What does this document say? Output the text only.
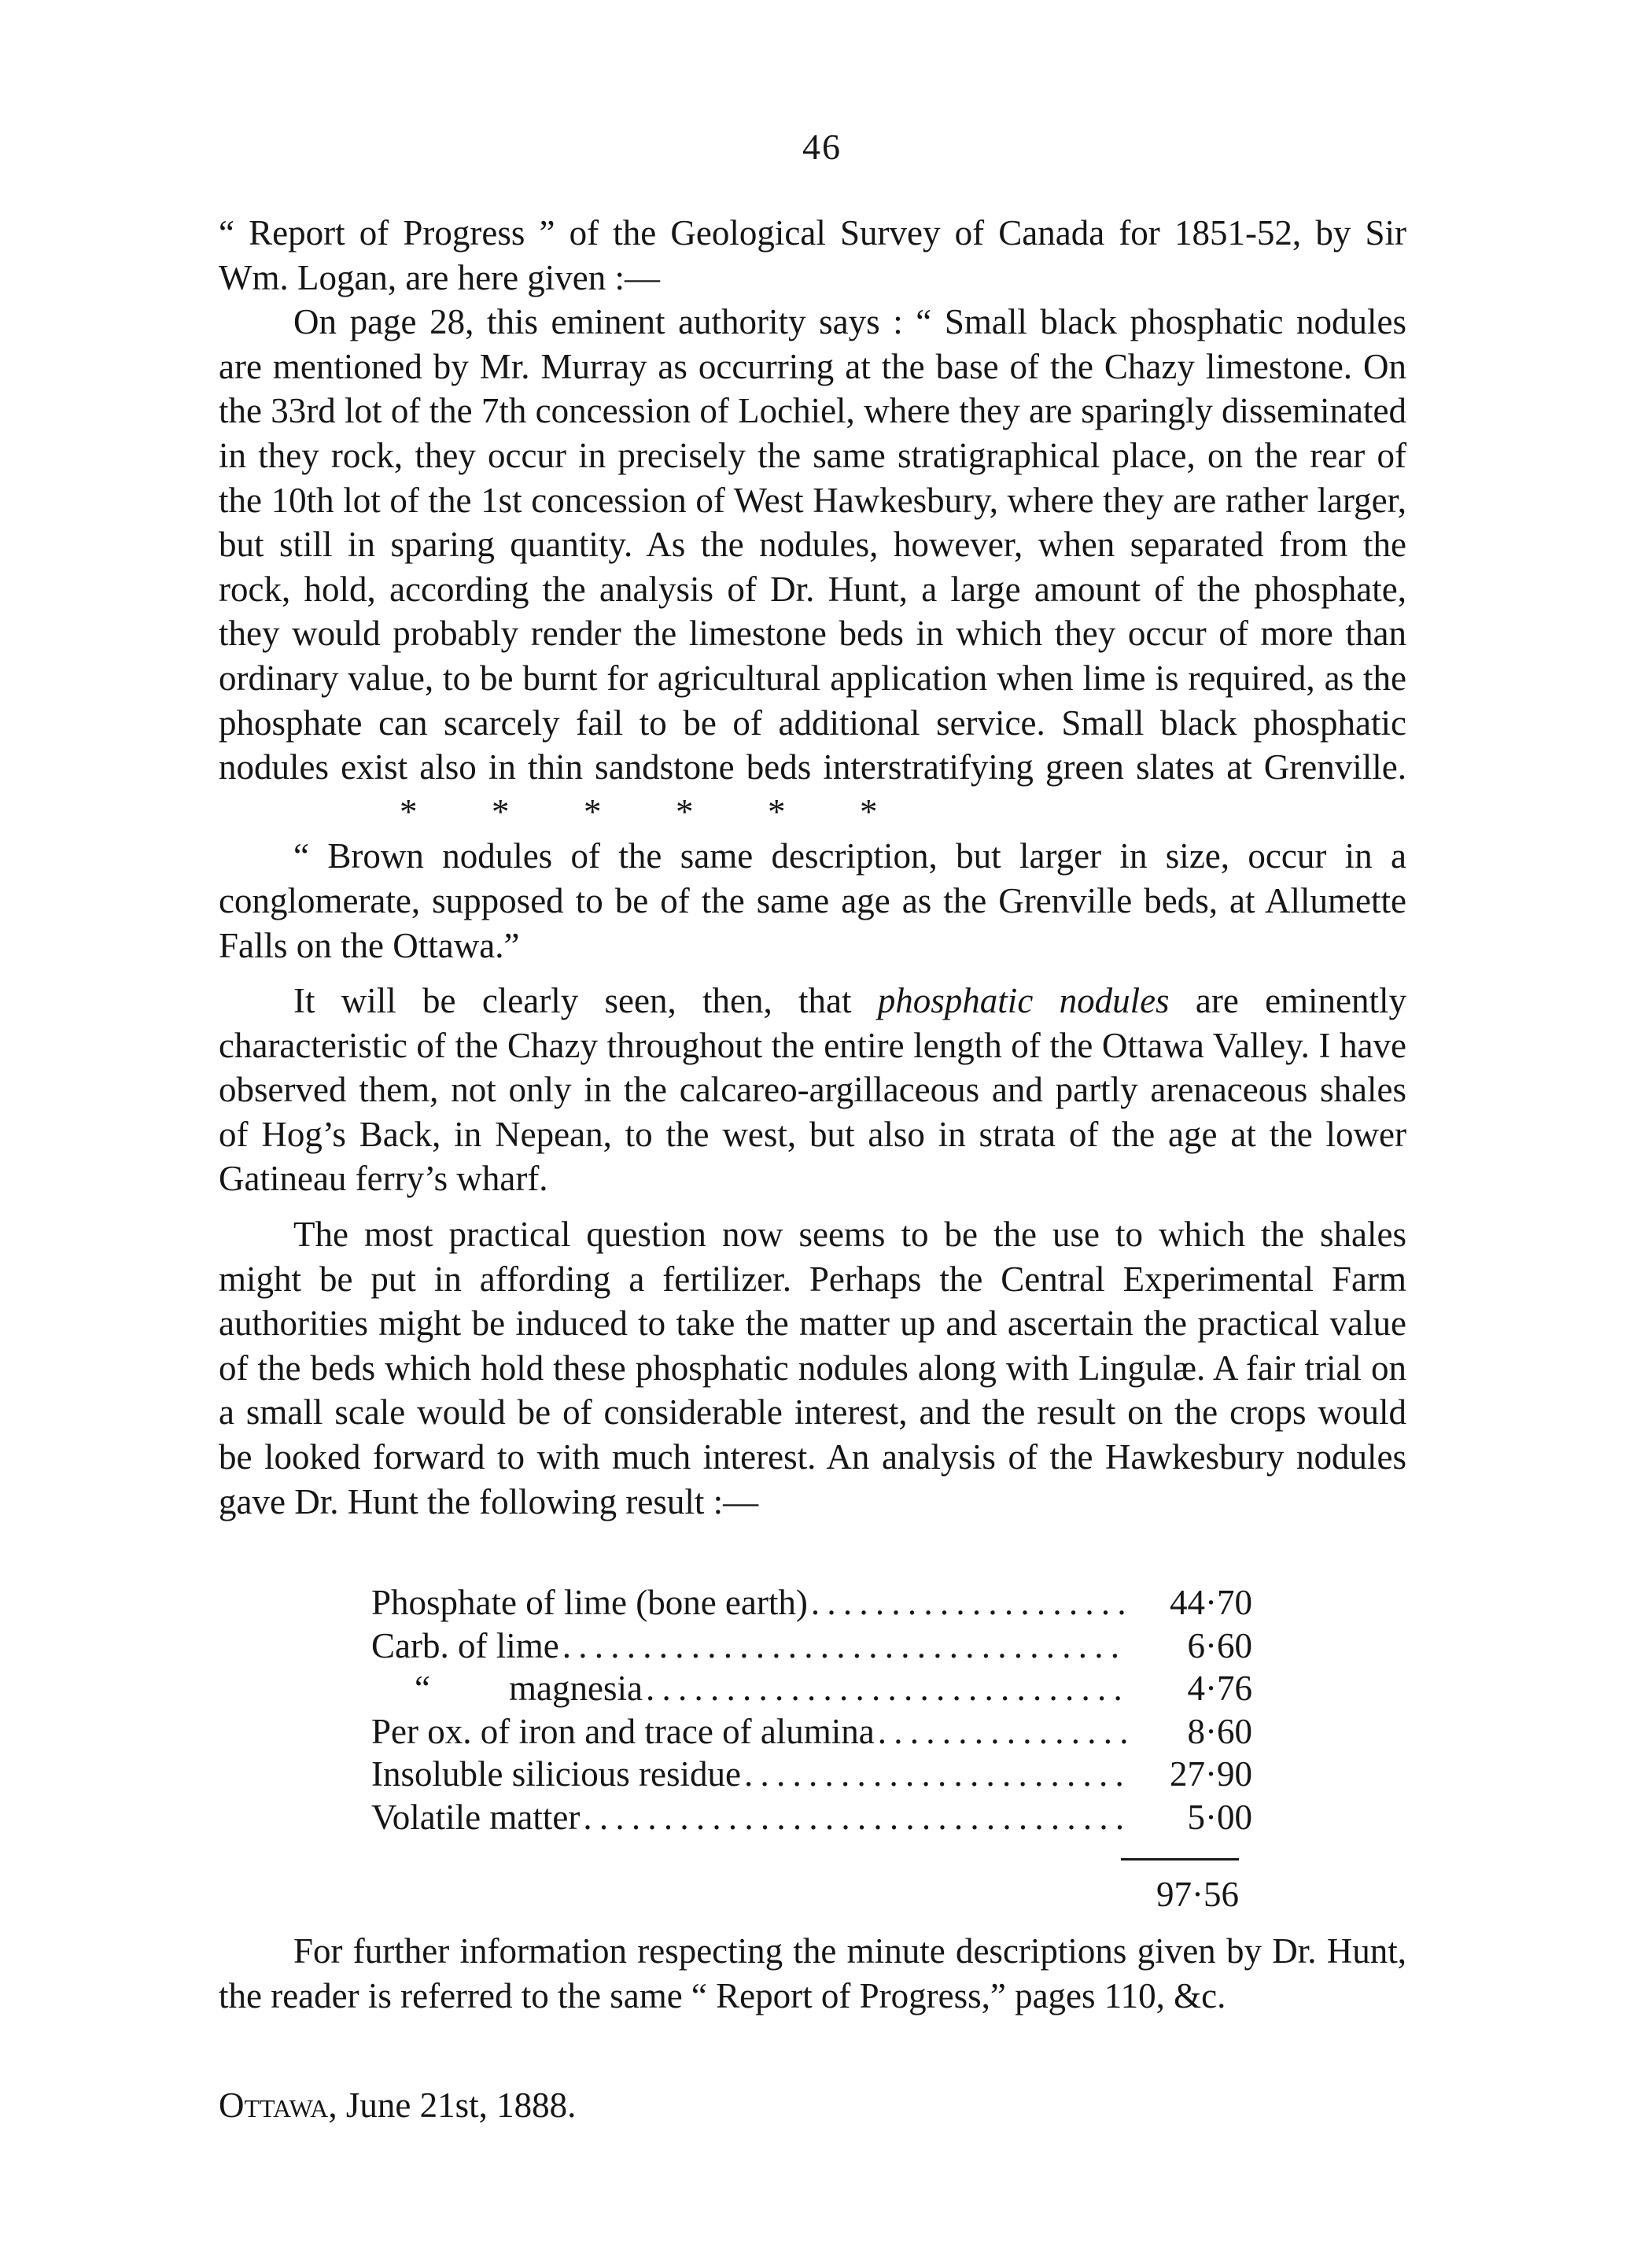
46

“ Report of Progress ” of the Geological Survey of Canada for 1851-52, by Sir Wm. Logan, are here given :—

On page 28, this eminent authority says : “ Small black phosphatic nodules are mentioned by Mr. Murray as occurring at the base of the Chazy limestone. On the 33rd lot of the 7th concession of Lochiel, where they are sparingly disseminated in they rock, they occur in precisely the same stratigraphical place, on the rear of the 10th lot of the 1st concession of West Hawkesbury, where they are rather larger, but still in sparing quantity. As the nodules, however, when separated from the rock, hold, according the analysis of Dr. Hunt, a large amount of the phosphate, they would probably render the limestone beds in which they occur of more than ordinary value, to be burnt for agricultural application when lime is required, as the phosphate can scarcely fail to be of additional service. Small black phosphatic nodules exist also in thin sandstone beds interstratifying green slates at Grenville.* * * * * *

“ Brown nodules of the same description, but larger in size, occur in a conglomerate, supposed to be of the same age as the Grenville beds, at Allumette Falls on the Ottawa.”

It will be clearly seen, then, that phosphatic nodules are eminently characteristic of the Chazy throughout the entire length of the Ottawa Valley. I have observed them, not only in the calcareo-argillaceous and partly arenaceous shales of Hog’s Back, in Nepean, to the west, but also in strata of the age at the lower Gatineau ferry’s wharf.

The most practical question now seems to be the use to which the shales might be put in affording a fertilizer. Perhaps the Central Experimental Farm authorities might be induced to take the matter up and ascertain the practical value of the beds which hold these phosphatic nodules along with Lingulæ. A fair trial on a small scale would be of considerable interest, and the result on the crops would be looked forward to with much interest. An analysis of the Hawkesbury nodules gave Dr. Hunt the following result :—

Phosphate of lime (bone earth) . . .	44·70
Carb. of lime . . .	6·60
“ magnesia . . .	4·76
Per ox. of iron and trace of alumina . . .	8·60
Insoluble silicious residue . . .	27·90
Volatile matter . . .	5·00
97·56

For further information respecting the minute descriptions given by Dr. Hunt, the reader is referred to the same “ Report of Progress,” pages 110, &c.

Ottawa, June 21st, 1888.
